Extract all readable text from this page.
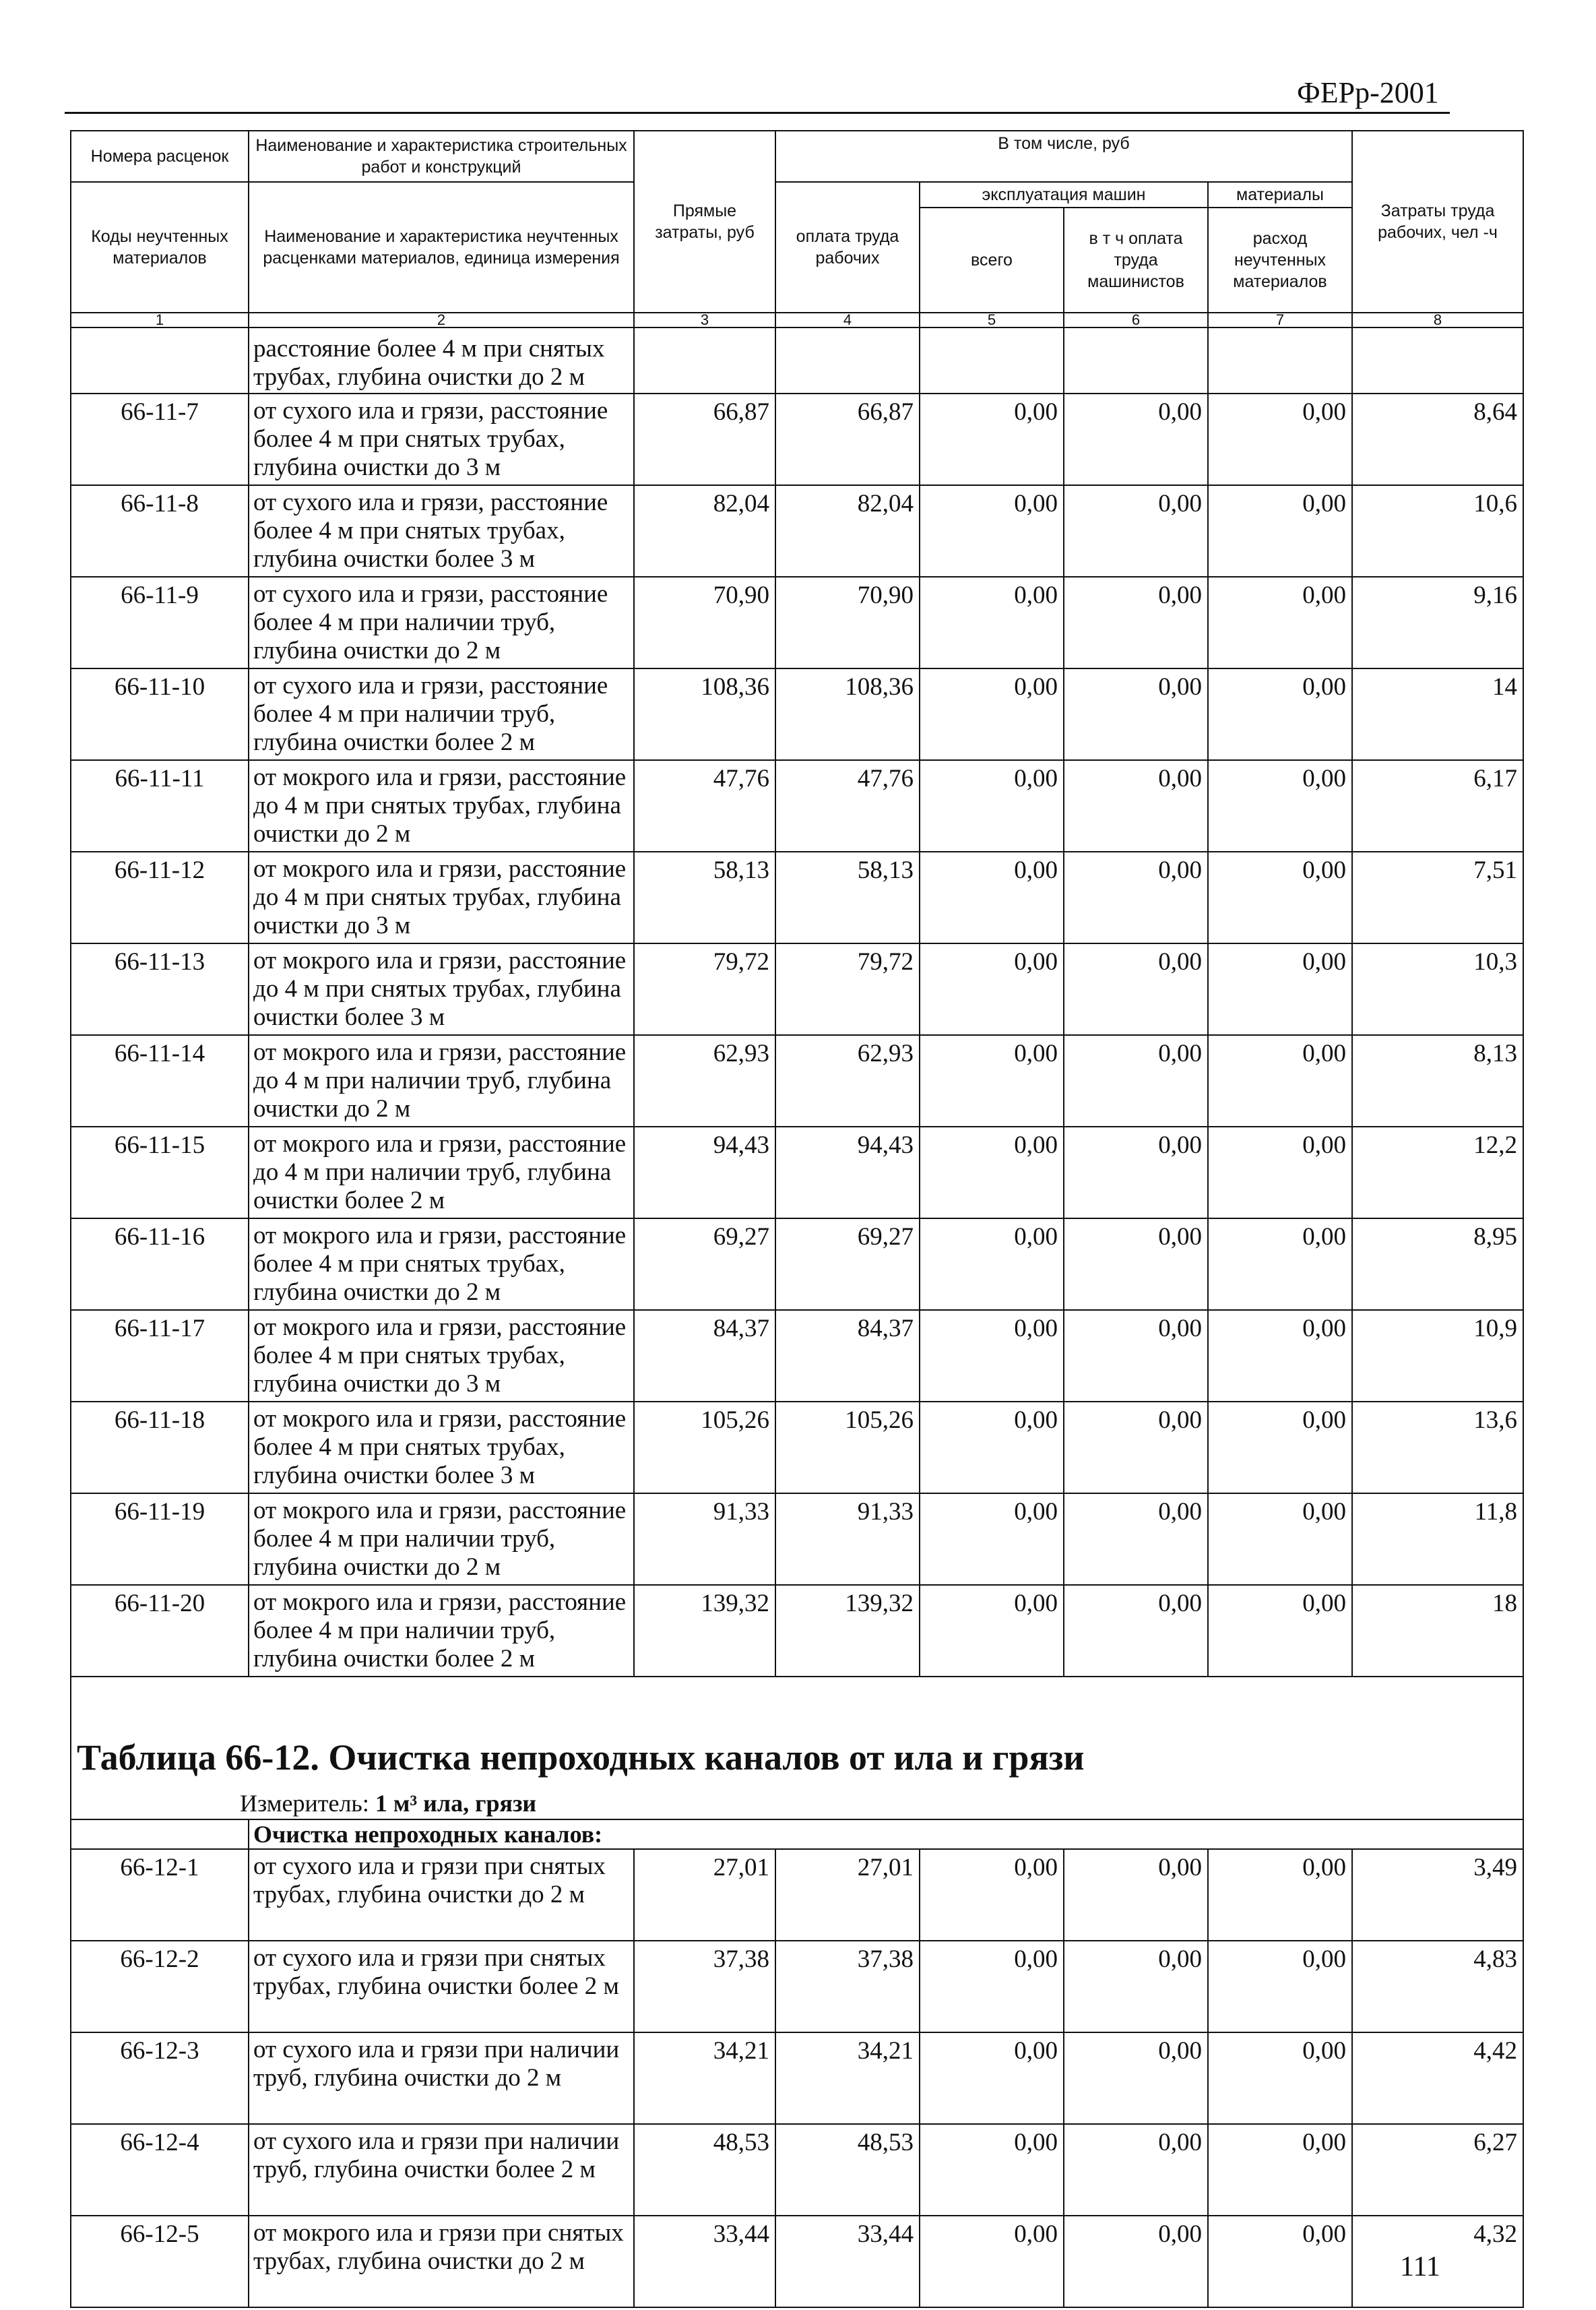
ФЕРр-2001
Номера расценок	Наименование и характеристика строительных работ и конструкций	Прямые затраты, руб	В том числе, руб				Затраты труда рабочих, чел -ч
Коды неучтенных материалов	Наименование и характеристика неучтенных расценками материалов, единица измерения		оплата труда рабочих	эксплуатация машин		материалы	
				всего	в т ч оплата труда машинистов	расход неучтенных материалов	
1	2	3	4	5	6	7	8
	расстояние более 4 м при снятых трубах, глубина очистки до 2 м						
66-11-7	от сухого ила и грязи, расстояние более 4 м при снятых трубах, глубина очистки до 3 м	66,87	66,87	0,00	0,00	0,00	8,64
66-11-8	от сухого ила и грязи, расстояние более 4 м при снятых трубах, глубина очистки более 3 м	82,04	82,04	0,00	0,00	0,00	10,6
66-11-9	от сухого ила и грязи, расстояние более 4 м при наличии труб, глубина очистки до 2 м	70,90	70,90	0,00	0,00	0,00	9,16
66-11-10	от сухого ила и грязи, расстояние более 4 м при наличии труб, глубина очистки более 2 м	108,36	108,36	0,00	0,00	0,00	14
66-11-11	от мокрого ила и грязи, расстояние до 4 м при снятых трубах, глубина очистки до 2 м	47,76	47,76	0,00	0,00	0,00	6,17
66-11-12	от мокрого ила и грязи, расстояние до 4 м при снятых трубах, глубина очистки до 3 м	58,13	58,13	0,00	0,00	0,00	7,51
66-11-13	от мокрого ила и грязи, расстояние до 4 м при снятых трубах, глубина очистки более 3 м	79,72	79,72	0,00	0,00	0,00	10,3
66-11-14	от мокрого ила и грязи, расстояние до 4 м при наличии труб, глубина очистки до 2 м	62,93	62,93	0,00	0,00	0,00	8,13
66-11-15	от мокрого ила и грязи, расстояние до 4 м при наличии труб, глубина очистки более 2 м	94,43	94,43	0,00	0,00	0,00	12,2
66-11-16	от мокрого ила и грязи, расстояние более 4 м при снятых трубах, глубина очистки до 2 м	69,27	69,27	0,00	0,00	0,00	8,95
66-11-17	от мокрого ила и грязи, расстояние более 4 м при снятых трубах, глубина очистки до 3 м	84,37	84,37	0,00	0,00	0,00	10,9
66-11-18	от мокрого ила и грязи, расстояние более 4 м при снятых трубах, глубина очистки более 3 м	105,26	105,26	0,00	0,00	0,00	13,6
66-11-19	от мокрого ила и грязи, расстояние более 4 м при наличии труб, глубина очистки до 2 м	91,33	91,33	0,00	0,00	0,00	11,8
66-11-20	от мокрого ила и грязи, расстояние более 4 м при наличии труб, глубина очистки более 2 м	139,32	139,32	0,00	0,00	0,00	18
Таблица 66-12. Очистка непроходных каналов от ила и грязи							
Измеритель: 1 м³ ила, грязи							
	Очистка непроходных каналов:						
66-12-1	от сухого ила и грязи при снятых трубах, глубина очистки до 2 м	27,01	27,01	0,00	0,00	0,00	3,49
66-12-2	от сухого ила и грязи при снятых трубах, глубина очистки более 2 м	37,38	37,38	0,00	0,00	0,00	4,83
66-12-3	от сухого ила и грязи при наличии труб, глубина очистки до 2 м	34,21	34,21	0,00	0,00	0,00	4,42
66-12-4	от сухого ила и грязи при наличии труб, глубина очистки более 2 м	48,53	48,53	0,00	0,00	0,00	6,27
66-12-5	от мокрого ила и грязи при снятых трубах, глубина очистки до 2 м	33,44	33,44	0,00	0,00	0,00	4,32
111
